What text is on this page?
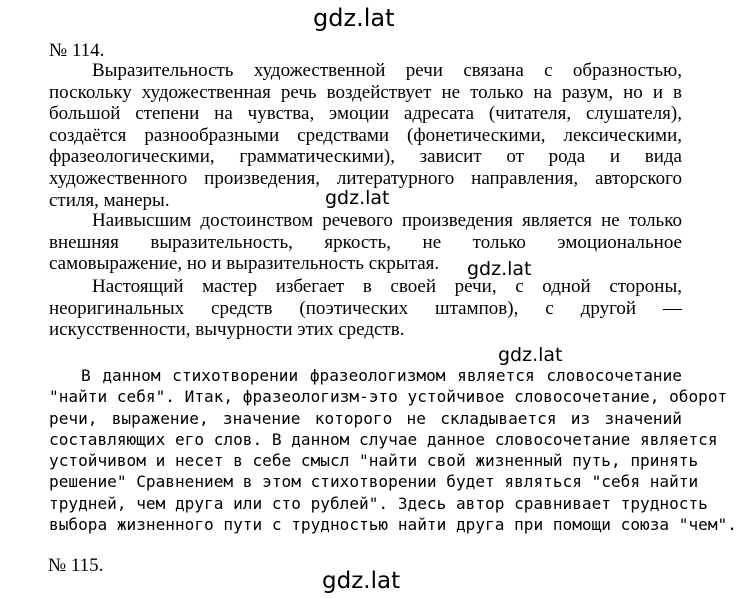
gdz.lat
№ 114.
Выразительность художественной речи связана с образностью,
поскольку художественная речь воздействует не только на разум, но и в
большой степени на чувства, эмоции адресата (читателя, слушателя),
создаётся разнообразными средствами (фонетическими, лексическими,
фразеологическими, грамматическими), зависит от рода и вида
художественного произведения, литературного направления, авторского
стиля, манеры.	gdz.lat
Наивысшим достоинством речевого произведения является не только
внешняя выразительность, яркость, не только эмоциональное
самовыражение, но и выразительность скрытая.	gdz.lat
Настоящий мастер избегает в своей речи, с одной стороны,
неоригинальных средств (поэтических штампов), с другой —
искусственности, вычурности этих средств.
gdz.lat
В данном стихотворении фразеологизмом является словосочетание
"найти себя". Итак, фразеологизм-это устойчивое словосочетание, оборот
речи, выражение, значение которого не складывается из значений
составляющих его слов. В данном случае данное словосочетание является
устойчивом и несет в себе смысл "найти свой жизненный путь, принять
решение" Сравнением в этом стихотворении будет являться "себя найти
трудней, чем друга или сто рублей". Здесь автор сравнивает трудность
выбора жизненного пути с трудностью найти друга при помощи союза "чем".
№ 115.
gdz.lat
